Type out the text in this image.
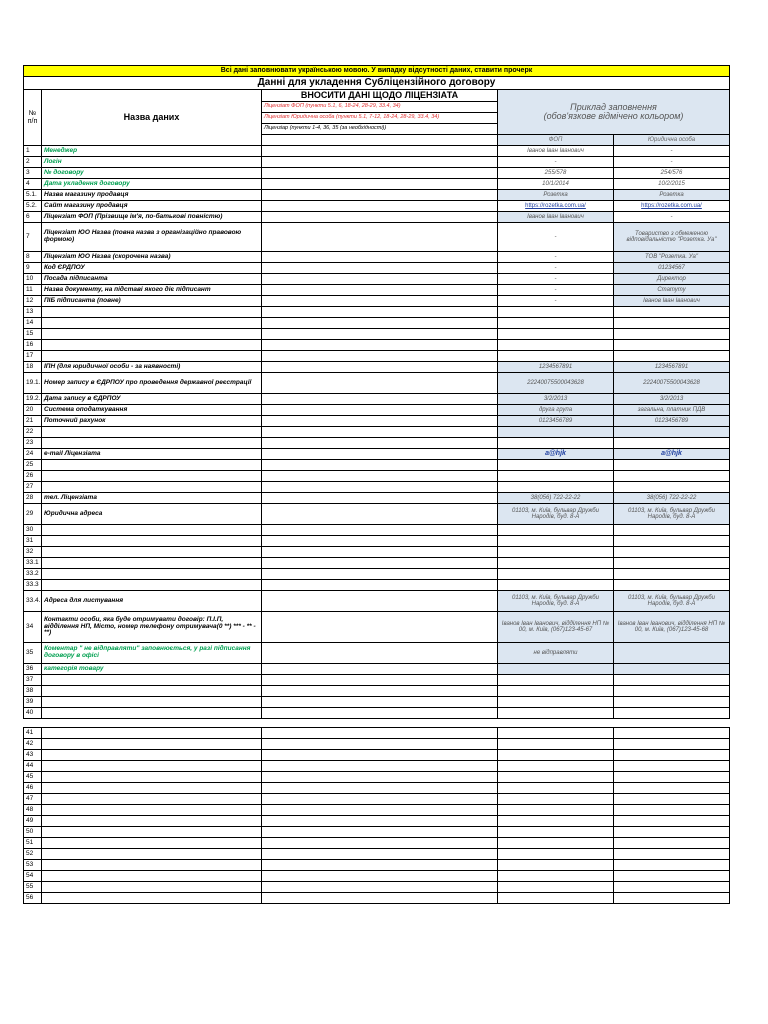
Всі дані заповнювати українською мовою. У випадку відсутності даних, ставити прочерк				
Данні для укладення Субліцензійного договору				
№
п/п	Назва даних	ВНОСИТИ ДАНІ ЩОДО ЛІЦЕНЗІАТА	Приклад заповнення
(обов'язкове відмічено кольором)	
		Ліцензіат ФОП (пункти 5.1, 6, 18-24, 28-29, 33.4, 34)		
		Ліцензіат Юридична особа (пункти 5.1, 7-12, 18-24, 28-29, 33.4, 34)		
		Ліцензіар (пункти 1-4, 36, 35 (за необхідності))		
			ФОП	Юридична особа
1	Менеджер		Іванов Іван Іванович	-
2	Логін		-	-
3	№ договору		255/578	254/576
4	Дата укладення договору		10/1/2014	10/2/2015
5.1.	Назва магазину продавця		Розетка	Розетка
5.2.	Сайт магазину продавця		https://rozetka.com.ua/	https://rozetka.com.ua/
6	Ліцензіат ФОП (Прізвище ім'я, по-батькові повністю)		Іванов Іван Іванович	-
7	Ліцензіат ЮО Назва (повна назва з організаційно правовою формою)		-	Товариство з обмеженою відповідальністю "Розетка. Уа"
8	Ліцензіат ЮО Назва (скорочена назва)		-	ТОВ "Розетка. Уа"
9	Код ЄРДПОУ		-	01234567
10	Посада підписанта		-	Директор
11	Назва документу, на підставі якого діє підписант		-	Статуту
12	ПІБ підписанта (повне)		-	Іванов Іван Іванович
13				
14				
15				
16				
17				
18	ІПН (для юридичної особи - за наявності)		1234567891	1234567891
19.1.	Номер запису в ЄДРПОУ про проведення державної реєстрації		22240075500043628	22240075500043628
19.2.	Дата запису в ЄДРПОУ		3/2/2013	3/2/2013
20	Система оподаткування		друга група	загальна, платник ПДВ
21	Поточний рахунок		0123456789	0123456789
22				
23				
24	e-mail Ліцензіата		a@hjk	a@hjk
25				
26				
27				
28	тел. Ліцензіата		38(056) 722-22-22	38(056) 722-22-22
29	Юридична адреса		01103, м. Київ, бульвар Дружби Народів, буд. 8-А	01103, м. Київ, бульвар Дружби Народів, буд. 8-А
30				
31				
32				
33.1				
33.2				
33.3				
33.4.	Адреса для листування		01103, м. Київ, бульвар Дружби Народів, буд. 8-А	01103, м. Київ, бульвар Дружби Народів, буд. 8-А
34	Контакти особи, яка буде отримувати договір: П.І.П, відділення НП, Місто, номер телефону отримувача(0 **) *** - ** - **)		Іванов Іван Іванович, відділення НП № 00, м. Київ, (067)123-45-67	Іванов Іван Іванович, відділення НП № 00, м. Київ, (067)123-45-68
35	Коментар " не відправляти" заповнюється, у разі підписання договору в офісі		не відправляти	
36	категорія товару			
37				
38				
39				
40				

41				
42				
43				
44				
45				
46				
47				
48				
49				
50				
51				
52				
53				
54				
55				
56				
